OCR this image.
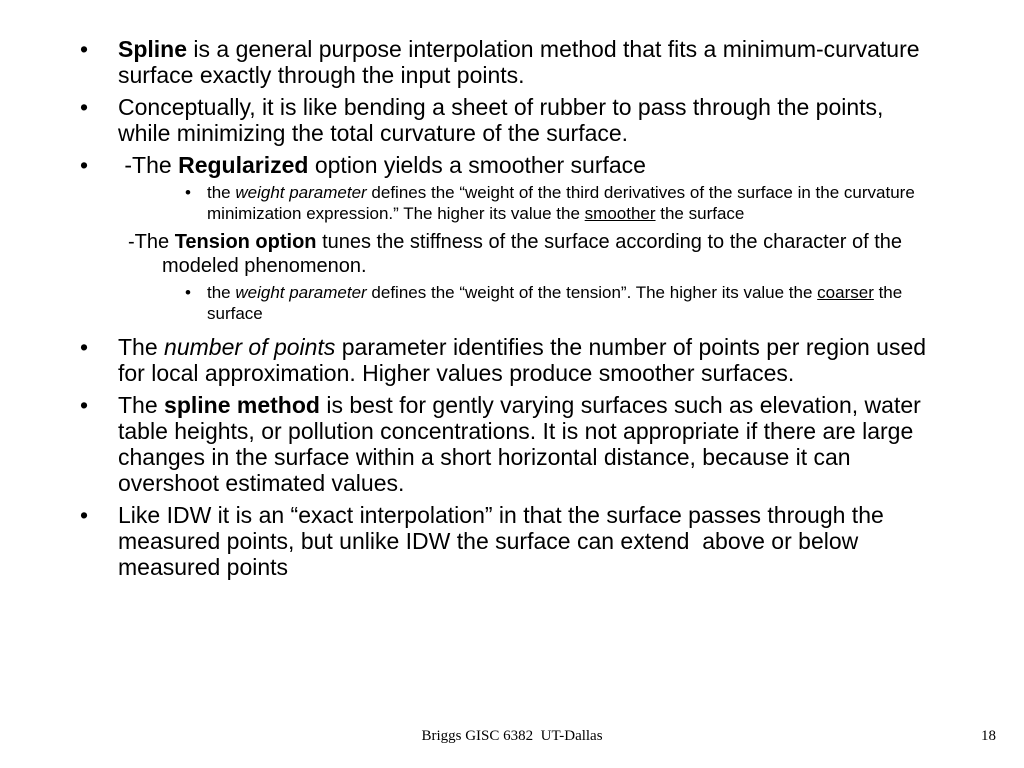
• Spline is a general purpose interpolation method that fits a minimum-curvature surface exactly through the input points.
• Conceptually, it is like bending a sheet of rubber to pass through the points, while minimizing the total curvature of the surface.
• -The Regularized option yields a smoother surface
• the weight parameter defines the “weight of the third derivatives of the surface in the curvature minimization expression.” The higher its value the smoother the surface
-The Tension option tunes the stiffness of the surface according to the character of the modeled phenomenon.
• the weight parameter defines the “weight of the tension”. The higher its value the coarser the surface
• The number of points parameter identifies the number of points per region used for local approximation. Higher values produce smoother surfaces.
• The spline method is best for gently varying surfaces such as elevation, water table heights, or pollution concentrations. It is not appropriate if there are large changes in the surface within a short horizontal distance, because it can overshoot estimated values.
• Like IDW it is an “exact interpolation” in that the surface passes through the measured points, but unlike IDW the surface can extend  above or below measured points
Briggs GISC 6382  UT-Dallas	18
